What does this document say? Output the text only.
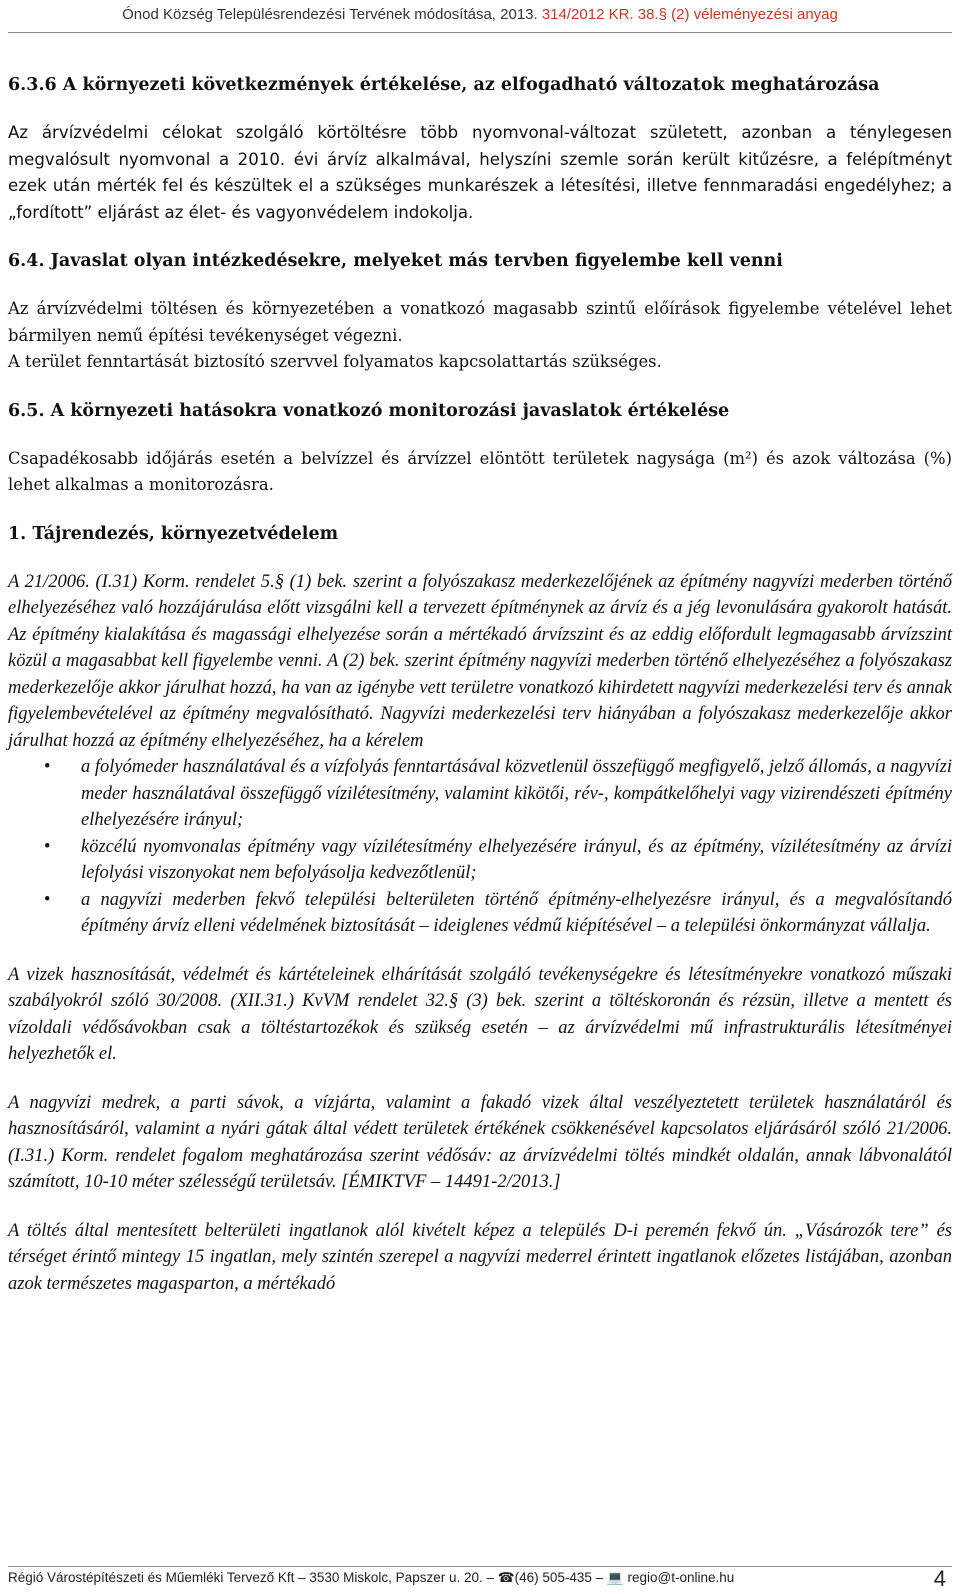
Ónod Község Településrendezési Tervének módosítása, 2013. 314/2012 KR. 38.§ (2) véleményezési anyag
6.3.6 A környezeti következmények értékelése, az elfogadható változatok meghatározása

Az árvízvédelmi célokat szolgáló körtöltésre több nyomvonal-változat született, azonban a ténylegesen megvalósult nyomvonal a 2010. évi árvíz alkalmával, helyszíni szemle során került kitűzésre, a felépítményt ezek után mérték fel és készültek el a szükséges munkarészek a létesítési, illetve fennmaradási engedélyhez; a „fordított” eljárást az élet- és vagyonvédelem indokolja.

6.4. Javaslat olyan intézkedésekre, melyeket más tervben figyelembe kell venni

Az árvízvédelmi töltésen és környezetében a vonatkozó magasabb szintű előírások figyelembe vételével lehet bármilyen nemű építési tevékenységet végezni.

A terület fenntartását biztosító szervvel folyamatos kapcsolattartás szükséges.

6.5. A környezeti hatásokra vonatkozó monitorozási javaslatok értékelése

Csapadékosabb időjárás esetén a belvízzel és árvízzel elöntött területek nagysága (m²) és azok változása (%) lehet alkalmas a monitorozásra.

1. Tájrendezés, környezetvédelem

A 21/2006. (I.31) Korm. rendelet 5.§ (1) bek. szerint a folyószakasz mederkezelőjének az építmény nagyvízi mederben történő elhelyezéséhez való hozzájárulása előtt vizsgálni kell a tervezett építménynek az árvíz és a jég levonulására gyakorolt hatását. Az építmény kialakítása és magassági elhelyezése során a mértékadó árvízszint és az eddig előfordult legmagasabb árvízszint közül a magasabbat kell figyelembe venni. A (2) bek. szerint építmény nagyvízi mederben történő elhelyezéséhez a folyószakasz mederkezelője akkor járulhat hozzá, ha van az igénybe vett területre vonatkozó kihirdetett nagyvízi mederkezelési terv és annak figyelembevételével az építmény megvalósítható. Nagyvízi mederkezelési terv hiányában a folyószakasz mederkezelője akkor járulhat hozzá az építmény elhelyezéséhez, ha a kérelem

• a folyómeder használatával és a vízfolyás fenntartásával közvetlenül összefüggő megfigyelő, jelző állomás, a nagyvízi meder használatával összefüggő vízilétesítmény, valamint kikötői, rév-, kompátkelőhelyi vagy vizirendészeti építmény elhelyezésére irányul;
• közcélú nyomvonalas építmény vagy vízilétesítmény elhelyezésére irányul, és az építmény, vízilétesítmény az árvízi lefolyási viszonyokat nem befolyásolja kedvezőtlenül;
• a nagyvízi mederben fekvő települési belterületen történő építmény-elhelyezésre irányul, és a megvalósítandó építmény árvíz elleni védelmének biztosítását – ideiglenes védmű kiépítésével – a települési önkormányzat vállalja.

A vizek hasznosítását, védelmét és kártételeinek elhárítását szolgáló tevékenységekre és létesítményekre vonatkozó műszaki szabályokról szóló 30/2008. (XII.31.) KvVM rendelet 32.§ (3) bek. szerint a töltéskoronán és rézsün, illetve a mentett és vízoldali védősávokban csak a töltéstartozékok és szükség esetén – az árvízvédelmi mű infrastrukturális létesítményei helyezhetők el.

A nagyvízi medrek, a parti sávok, a vízjárta, valamint a fakadó vizek által veszélyeztetett területek használatáról és hasznosításáról, valamint a nyári gátak által védett területek értékének csökkenésével kapcsolatos eljárásáról szóló 21/2006. (I.31.) Korm. rendelet fogalom meghatározása szerint védősáv: az árvízvédelmi töltés mindkét oldalán, annak lábvonalától számított, 10-10 méter szélességű területsáv. [ÉMIKTVF – 14491-2/2013.]

A töltés által mentesített belterületi ingatlanok alól kivételt képez a település D-i peremén fekvő ún. „Vásározók tere” és térséget érintő mintegy 15 ingatlan, mely szintén szerepel a nagyvízi mederrel érintett ingatlanok előzetes listájában, azonban azok természetes magasparton, a mértékadó

Régió Várostépítészeti és Műemléki Tervező Kft – 3530 Miskolc, Papszer u. 20. – ☎(46) 505-435 – 💻 regio@t-online.hu	4
